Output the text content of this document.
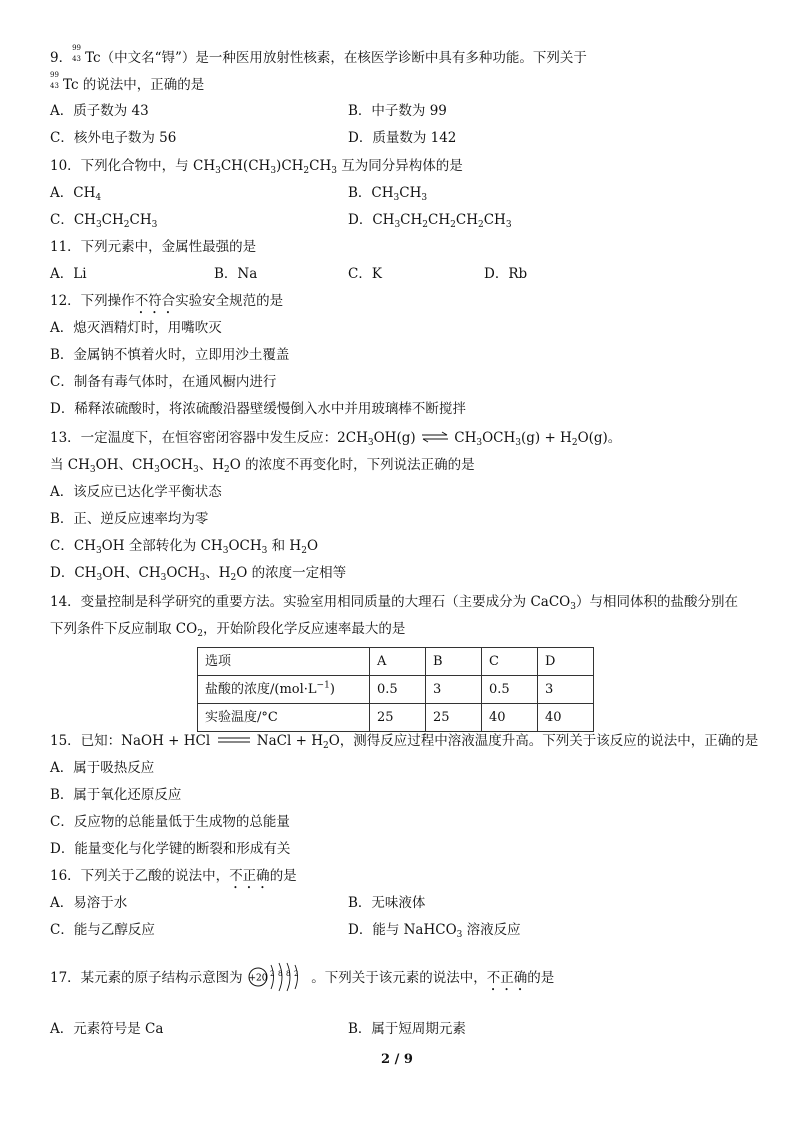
9．
99
43 Tc（中文名“锝”）是一种医用放射性核素，在核医学诊断中具有多种功能。下列关于
99
43 Tc 的说法中，正确的是
A．质子数为 43	B．中子数为 99
C．核外电子数为 56	D．质量数为 142
10．下列化合物中，与 $CH_3CH(CH_3)CH_2CH_3$ 互为同分异构体的是
A．$CH_4$	B．$CH_3CH_3$
C．$CH_3CH_2CH_3$	D．$CH_3CH_2CH_2CH_2CH_3$
11．下列元素中，金属性最强的是
A．Li	B．Na	C．K	D．Rb
12．下列操作不符合实验安全规范的是
A．熄灭酒精灯时，用嘴吹灭
B．金属钠不慎着火时，立即用沙土覆盖
C．制备有毒气体时，在通风橱内进行
D．稀释浓硫酸时，将浓硫酸沿器壁缓慢倒入水中并用玻璃棒不断搅拌
13．一定温度下，在恒容密闭容器中发生反应：$2CH_3OH(g)$ ⇌ $CH_3OCH_3(g) + H_2O(g)$。
当 $CH_3OH$、$CH_3OCH_3$、$H_2O$ 的浓度不再变化时，下列说法正确的是
A．该反应已达化学平衡状态
B．正、逆反应速率均为零
C．$CH_3OH$ 全部转化为 $CH_3OCH_3$ 和 $H_2O$
D．$CH_3OH$、$CH_3OCH_3$、$H_2O$ 的浓度一定相等
14．变量控制是科学研究的重要方法。实验室用相同质量的大理石（主要成分为 CaCO$_3$）与相同体积的盐酸分别在
下列条件下反应制取 $CO_2$，开始阶段化学反应速率最大的是
选项	A	B	C	D
盐酸的浓度$/(mol\cdot L^{-1})$	0.5	3	0.5	3
实验温度/°C	25	25	40	40
15．已知：NaOH + HCl	NaCl + $H_2O$，测得反应过程中溶液温度升高。下列关于该反应的说法中，正确的是
A．属于吸热反应
B．属于氧化还原反应
C．反应物的总能量低于生成物的总能量
D．能量变化与化学键的断裂和形成有关
16．下列关于乙酸的说法中，不正确的是
A．易溶于水	B．无味液体
C．能与乙醇反应	D．能与 NaHCO$_3$ 溶液反应
17．某元素的原子结构示意图为 +20 2 8 8 2 。下列关于该元素的说法中，不正确的是
A．元素符号是 Ca	B．属于短周期元素
2 / 9
